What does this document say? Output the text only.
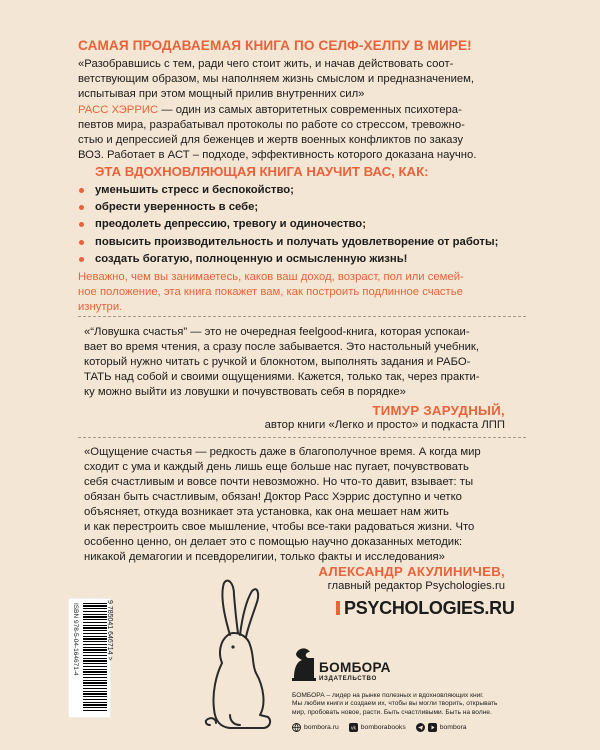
САМАЯ ПРОДАВАЕМАЯ КНИГА ПО СЕЛФ-ХЕЛПУ В МИРЕ!
«Разобравшись с тем, ради чего стоит жить, и начав действовать соот-
ветствующим образом, мы наполняем жизнь смыслом и предназначением,
испытывая при этом мощный прилив внутренних сил»
РАСС ХЭРРИС — один из самых авторитетных современных психотера-
певтов мира, разрабатывал протоколы по работе со стрессом, тревожно-
стью и депрессией для беженцев и жертв военных конфликтов по заказу
ВОЗ. Работает в АСТ – подходе, эффективность которого доказана научно.
ЭТА ВДОХНОВЛЯЮЩАЯ КНИГА НАУЧИТ ВАС, КАК:
уменьшить стресс и беспокойство;
обрести уверенность в себе;
преодолеть депрессию, тревогу и одиночество;
повысить производительность и получать удовлетворение от работы;
создать богатую, полноценную и осмысленную жизнь!
Неважно, чем вы занимаетесь, каков ваш доход, возраст, пол или семей-
ное положение, эта книга покажет вам, как построить подлинное счастье
изнутри.
«“Ловушка счастья” — это не очередная feelgood-книга, которая успокаи-
вает во время чтения, а сразу после забывается. Это настольный учебник,
который нужно читать с ручкой и блокнотом, выполнять задания и РАБО-
ТАТЬ над собой и своими ощущениями. Кажется, только так, через практи-
ку можно выйти из ловушки и почувствовать себя в порядке»
ТИМУР ЗАРУДНЫЙ,
автор книги «Легко и просто» и подкаста ЛПП
«Ощущение счастья — редкость даже в благополучное время. А когда мир
сходит с ума и каждый день лишь еще больше нас пугает, почувствовать
себя счастливым и вовсе почти невозможно. Но что-то давит, взывает: ты
обязан быть счастливым, обязан! Доктор Расс Хэррис доступно и четко
объясняет, откуда возникает эта установка, как она мешает нам жить
и как перестроить свое мышление, чтобы все-таки радоваться жизни. Что
особенно ценно, он делает это с помощью научно доказанных методик:
никакой демагогии и псевдорелигии, только факты и исследования»
АЛЕКСАНДР АКУЛИНИЧЕВ,
главный редактор Psychologies.ru
PSYCHOLOGIES.RU
ISBN 978-5-04-164671-4	9 785041 646714 >
БОМБОРА
ИЗДАТЕЛЬСТВО
БОМБОРА – лидер на рынке полезных и вдохновляющих книг.
Мы любим книги и создаем их, чтобы вы могли творить, открывать
мир, пробовать новое, расти. Быть счастливыми. Быть на волне.
bombora.ru vk bomborabooks	bombora
